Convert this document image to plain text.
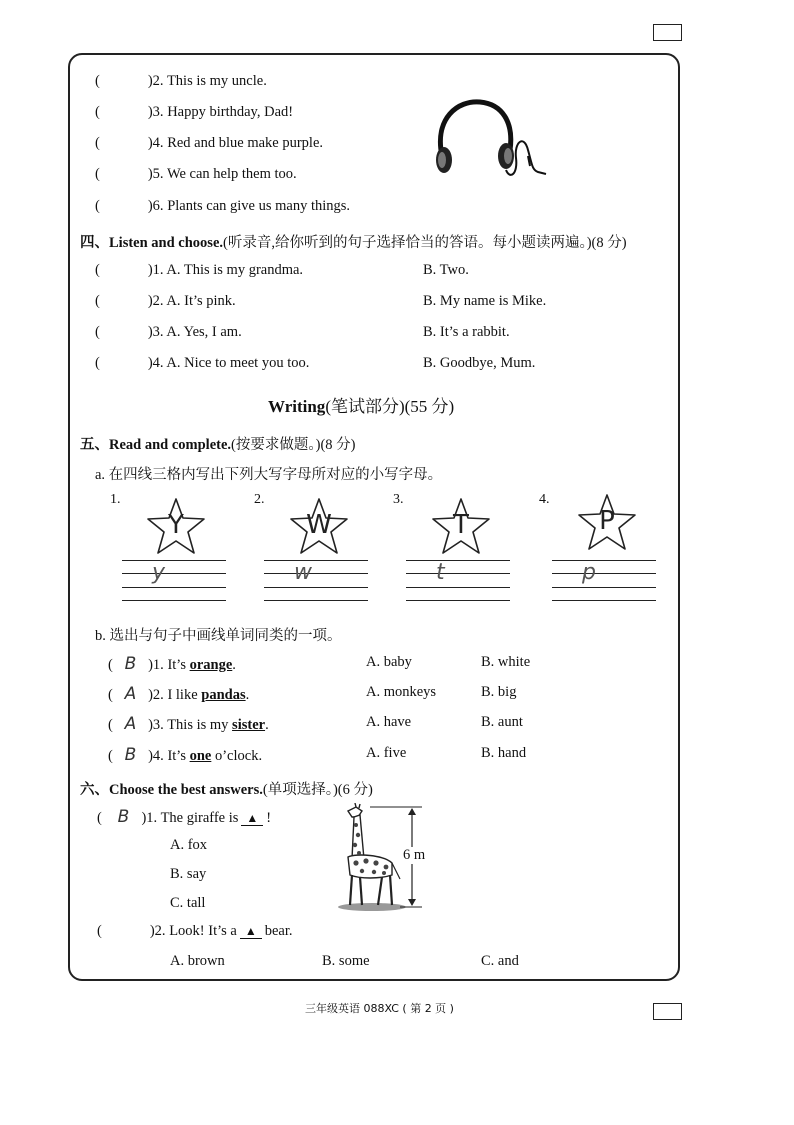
(	)2. This is my uncle.
(	)3. Happy birthday, Dad!
(	)4. Red and blue make purple.
(	)5. We can help them too.
(	)6. Plants can give us many things.
四、Listen and choose.(听录音,给你听到的句子选择恰当的答语。每小题读两遍。)(8 分)
(	)1. A. This is my grandma.	B. Two.
(	)2. A. It’s pink.	B. My name is Mike.
(	)3. A. Yes, I am.	B. It’s a rabbit.
(	)4. A. Nice to meet you too.	B. Goodbye, Mum.
Writing(笔试部分)(55 分)
五、Read and complete.(按要求做题。)(8 分)
a. 在四线三格内写出下列大写字母所对应的小写字母。
1.	2.	3.	4.
Y	W	T	P
y	w	t	p
b. 选出与句子中画线单词同类的一项。
( B )1. It’s orange.	A. baby	B. white
( A )2. I like pandas.	A. monkeys	B. big
( A )3. This is my sister.	A. have	B. aunt
( B )4. It’s one o’clock.	A. five	B. hand
六、Choose the best answers.(单项选择。)(6 分)
( B )1. The giraffe is ▲ !
A. fox
B. say
C. tall
6 m
(	)2. Look! It’s a ▲ bear.
A. brown	B. some	C. and
三年级英语 088XC ( 第 2 页 )
